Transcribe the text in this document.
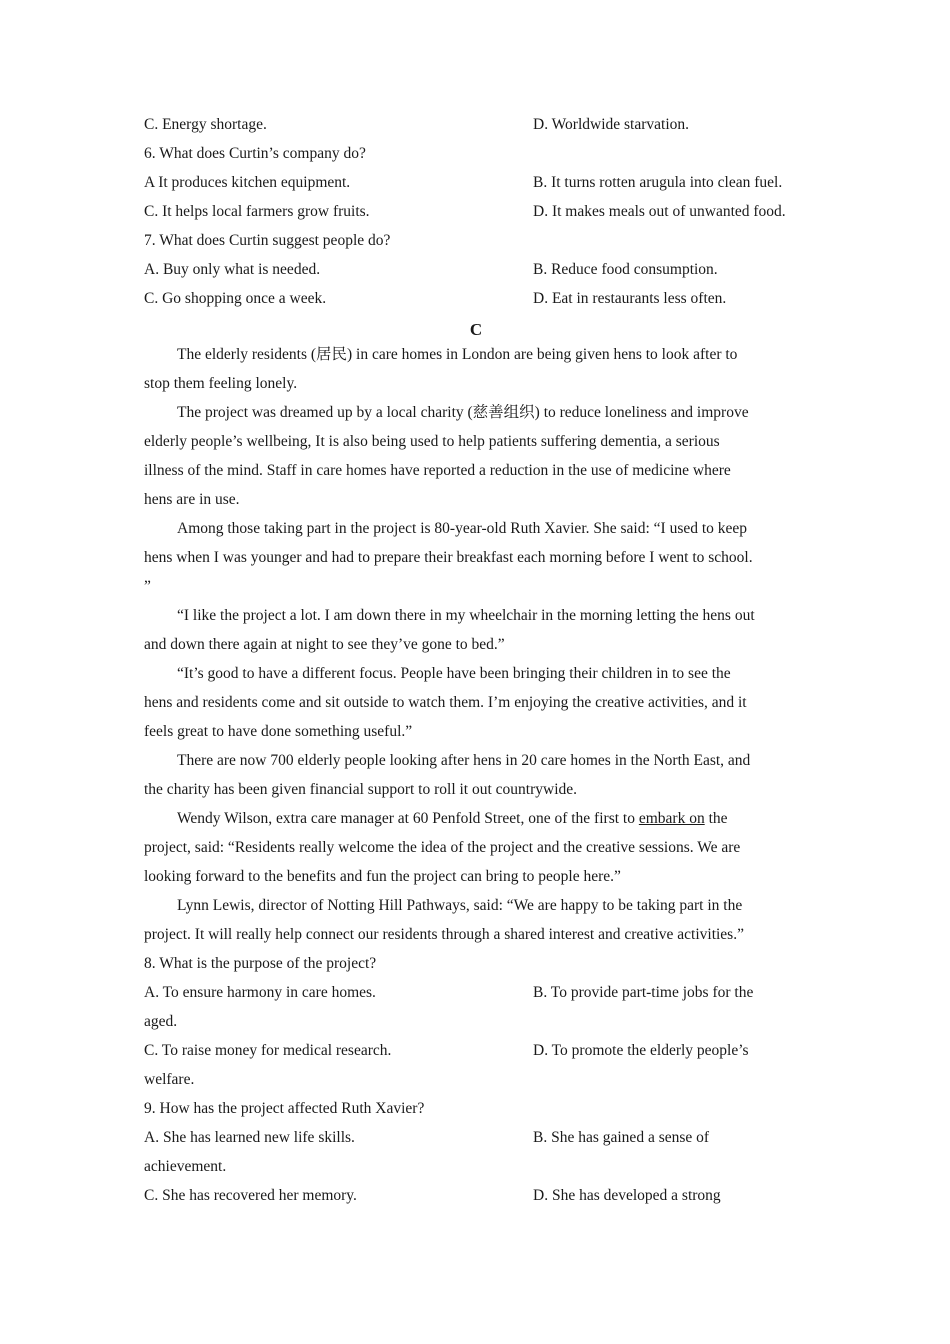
C. Energy shortage.	D. Worldwide starvation.
6. What does Curtin’s company do?
A It produces kitchen equipment.	B. It turns rotten arugula into clean fuel.
C. It helps local farmers grow fruits.	D. It makes meals out of unwanted food.
7. What does Curtin suggest people do?
A. Buy only what is needed.	B. Reduce food consumption.
C. Go shopping once a week.	D. Eat in restaurants less often.
C
The elderly residents (居民) in care homes in London are being given hens to look after to
stop them feeling lonely.
The project was dreamed up by a local charity (慈善组织) to reduce loneliness and improve
elderly people’s wellbeing, It is also being used to help patients suffering dementia, a serious
illness of the mind. Staff in care homes have reported a reduction in the use of medicine where
hens are in use.
Among those taking part in the project is 80-year-old Ruth Xavier. She said: “I used to keep
hens when I was younger and had to prepare their breakfast each morning before I went to school.
”
“I like the project a lot. I am down there in my wheelchair in the morning letting the hens out
and down there again at night to see they’ve gone to bed.”
“It’s good to have a different focus. People have been bringing their children in to see the
hens and residents come and sit outside to watch them. I’m enjoying the creative activities, and it
feels great to have done something useful.”
There are now 700 elderly people looking after hens in 20 care homes in the North East, and
the charity has been given financial support to roll it out countrywide.
Wendy Wilson, extra care manager at 60 Penfold Street, one of the first to embark on the
project, said: “Residents really welcome the idea of the project and the creative sessions. We are
looking forward to the benefits and fun the project can bring to people here.”
Lynn Lewis, director of Notting Hill Pathways, said: “We are happy to be taking part in the
project. It will really help connect our residents through a shared interest and creative activities.”
8. What is the purpose of the project?
A. To ensure harmony in care homes.	B. To provide part-time jobs for the
aged.
C. To raise money for medical research.	D. To promote the elderly people’s
welfare.
9. How has the project affected Ruth Xavier?
A. She has learned new life skills.	B. She has gained a sense of
achievement.
C. She has recovered her memory.	D. She has developed a strong
